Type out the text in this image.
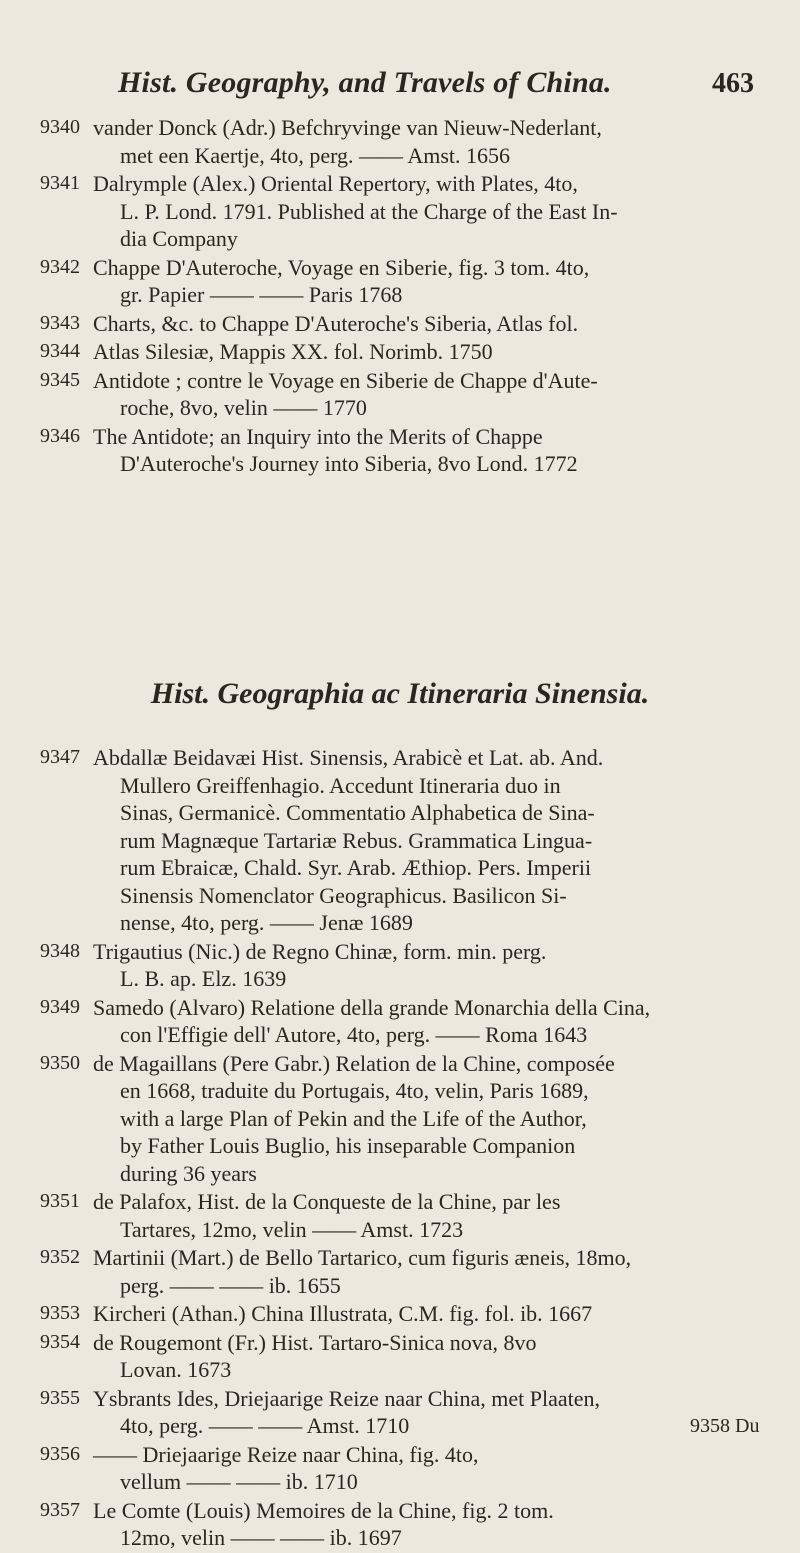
Hist. Geography, and Travels of China.	463
9340 vander Donck (Adr.) Befchryvinge van Nieuw-Nederlant,
met een Kaertje, 4to, perg. —— Amst. 1656
9341 Dalrymple (Alex.) Oriental Repertory, with Plates, 4to,
L. P. Lond. 1791. Published at the Charge of the East In-
dia Company
9342 Chappe D'Auteroche, Voyage en Siberie, fig. 3 tom. 4to,
gr. Papier —— —— Paris 1768
9343 Charts, &c. to Chappe D'Auteroche's Siberia, Atlas fol.
9344 Atlas Silesiæ, Mappis XX. fol. Norimb. 1750
9345 Antidote ; contre le Voyage en Siberie de Chappe d'Aute-
roche, 8vo, velin —— 1770
9346 The Antidote; an Inquiry into the Merits of Chappe
D'Auteroche's Journey into Siberia, 8vo Lond. 1772
Hist. Geographia ac Itineraria Sinensia.
9347 Abdallæ Beidavæi Hist. Sinensis, Arabicè et Lat. ab. And.
Mullero Greiffenhagio. Accedunt Itineraria duo in
Sinas, Germanicè. Commentatio Alphabetica de Sina-
rum Magnæque Tartariæ Rebus. Grammatica Lingua-
rum Ebraicæ, Chald. Syr. Arab. Æthiop. Pers. Imperii
Sinensis Nomenclator Geographicus. Basilicon Si-
nense, 4to, perg. —— Jenæ 1689
9348 Trigautius (Nic.) de Regno Chinæ, form. min. perg.
L. B. ap. Elz. 1639
9349 Samedo (Alvaro) Relatione della grande Monarchia della Cina,
con l'Effigie dell' Autore, 4to, perg. —— Roma 1643
9350 de Magaillans (Pere Gabr.) Relation de la Chine, composée
en 1668, traduite du Portugais, 4to, velin, Paris 1689,
with a large Plan of Pekin and the Life of the Author,
by Father Louis Buglio, his inseparable Companion
during 36 years
9351 de Palafox, Hist. de la Conqueste de la Chine, par les
Tartares, 12mo, velin —— Amst. 1723
9352 Martinii (Mart.) de Bello Tartarico, cum figuris æneis, 18mo,
perg. —— —— ib. 1655
9353 Kircheri (Athan.) China Illustrata, C.M. fig. fol. ib. 1667
9354 de Rougemont (Fr.) Hist. Tartaro-Sinica nova, 8vo
Lovan. 1673
9355 Ysbrants Ides, Driejaarige Reize naar China, met Plaaten,
4to, perg. —— —— Amst. 1710
9356 —— Driejaarige Reize naar China, fig. 4to,
vellum —— —— ib. 1710
9357 Le Comte (Louis) Memoires de la Chine, fig. 2 tom.
12mo, velin —— —— ib. 1697
9358 Du
